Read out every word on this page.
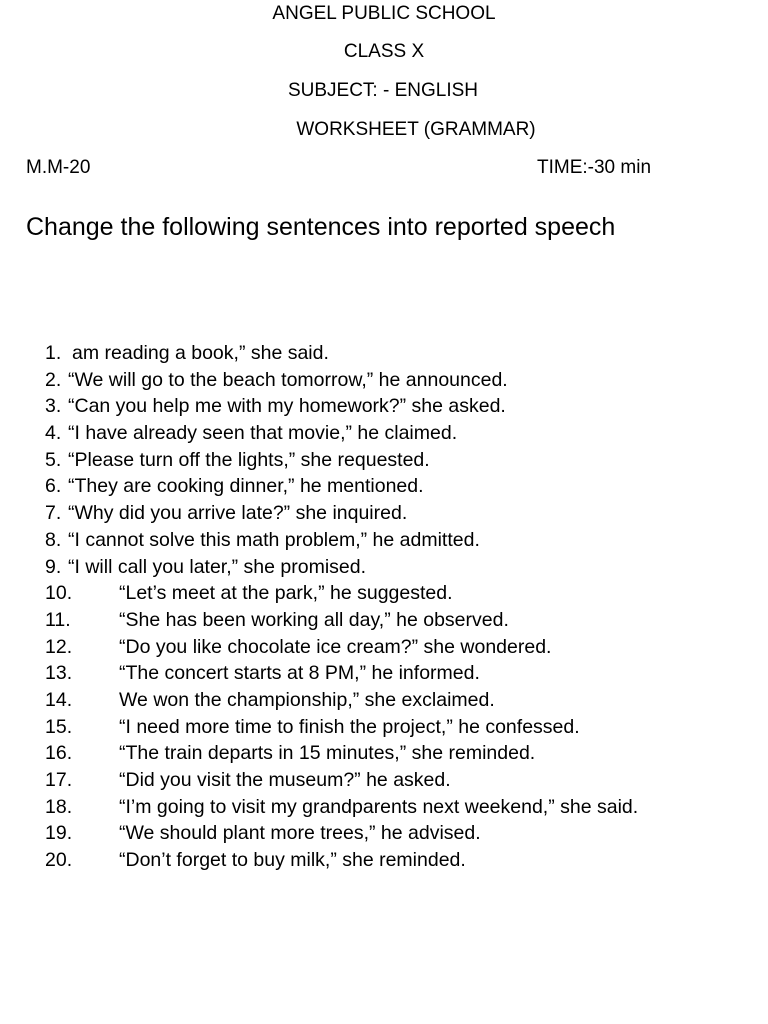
ANGEL PUBLIC SCHOOL
CLASS X
SUBJECT: - ENGLISH
WORKSHEET (GRAMMAR)
M.M-20	TIME:-30 min
Change the following sentences into reported speech
1. am reading a book,” she said.
2. “We will go to the beach tomorrow,” he announced.
3. “Can you help me with my homework?” she asked.
4. “I have already seen that movie,” he claimed.
5. “Please turn off the lights,” she requested.
6. “They are cooking dinner,” he mentioned.
7. “Why did you arrive late?” she inquired.
8. “I cannot solve this math problem,” he admitted.
9. “I will call you later,” she promised.
10. “Let’s meet at the park,” he suggested.
11. “She has been working all day,” he observed.
12. “Do you like chocolate ice cream?” she wondered.
13. “The concert starts at 8 PM,” he informed.
14. We won the championship,” she exclaimed.
15. “I need more time to finish the project,” he confessed.
16. “The train departs in 15 minutes,” she reminded.
17. “Did you visit the museum?” he asked.
18. “I’m going to visit my grandparents next weekend,” she said.
19. “We should plant more trees,” he advised.
20. “Don’t forget to buy milk,” she reminded.
